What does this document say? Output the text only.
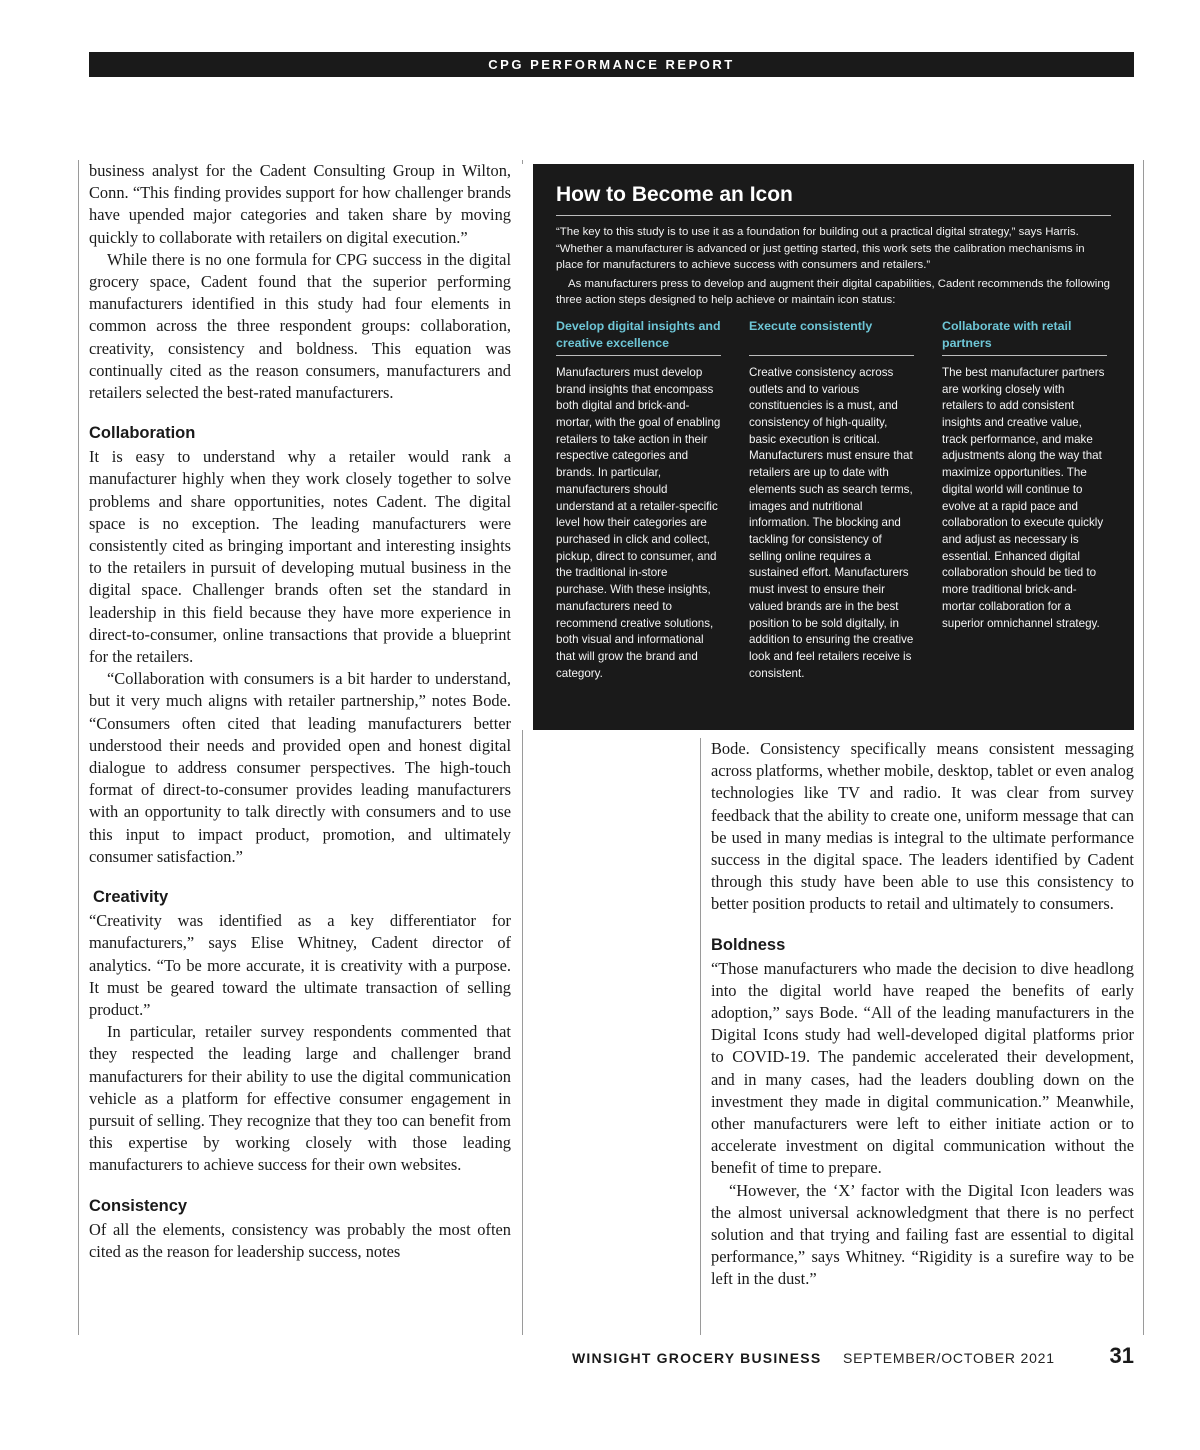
CPG PERFORMANCE REPORT

business analyst for the Cadent Consulting Group in Wilton, Conn. “This finding provides support for how challenger brands have upended major categories and taken share by moving quickly to collaborate with retailers on digital execution.”

While there is no one formula for CPG success in the digital grocery space, Cadent found that the superior performing manufacturers identified in this study had four elements in common across the three respondent groups: collaboration, creativity, consistency and boldness. This equation was continually cited as the reason consumers, manufacturers and retailers selected the best-rated manufacturers.

Collaboration

It is easy to understand why a retailer would rank a manufacturer highly when they work closely together to solve problems and share opportunities, notes Cadent. The digital space is no exception. The leading manufacturers were consistently cited as bringing important and interesting insights to the retailers in pursuit of developing mutual business in the digital space. Challenger brands often set the standard in leadership in this field because they have more experience in direct-to-consumer, online transactions that provide a blueprint for the retailers.

“Collaboration with consumers is a bit harder to understand, but it very much aligns with retailer partnership,” notes Bode. “Consumers often cited that leading manufacturers better understood their needs and provided open and honest digital dialogue to address consumer perspectives. The high-touch format of direct-to-consumer provides leading manufacturers with an opportunity to talk directly with consumers and to use this input to impact product, promotion, and ultimately consumer satisfaction.”

Creativity

“Creativity was identified as a key differentiator for manufacturers,” says Elise Whitney, Cadent director of analytics. “To be more accurate, it is creativity with a purpose. It must be geared toward the ultimate transaction of selling product.”

In particular, retailer survey respondents commented that they respected the leading large and challenger brand manufacturers for their ability to use the digital communication vehicle as a platform for effective consumer engagement in pursuit of selling. They recognize that they too can benefit from this expertise by working closely with those leading manufacturers to achieve success for their own websites.

Consistency

Of all the elements, consistency was probably the most often cited as the reason for leadership success, notes

How to Become an Icon

“The key to this study is to use it as a foundation for building out a practical digital strategy,” says Harris. “Whether a manufacturer is advanced or just getting started, this work sets the calibration mechanisms in place for manufacturers to achieve success with consumers and retailers.”

As manufacturers press to develop and augment their digital capabilities, Cadent recommends the following three action steps designed to help achieve or maintain icon status:

Develop digital insights and creative excellence
Manufacturers must develop brand insights that encompass both digital and brick-and-mortar, with the goal of enabling retailers to take action in their respective categories and brands. In particular, manufacturers should understand at a retailer-specific level how their categories are purchased in click and collect, pickup, direct to consumer, and the traditional in-store purchase. With these insights, manufacturers need to recommend creative solutions, both visual and informational that will grow the brand and category.
Execute consistently
Creative consistency across outlets and to various constituencies is a must, and consistency of high-quality, basic execution is critical. Manufacturers must ensure that retailers are up to date with elements such as search terms, images and nutritional information. The blocking and tackling for consistency of selling online requires a sustained effort. Manufacturers must invest to ensure their valued brands are in the best position to be sold digitally, in addition to ensuring the creative look and feel retailers receive is consistent.
Collaborate with retail partners
The best manufacturer partners are working closely with retailers to add consistent insights and creative value, track performance, and make adjustments along the way that maximize opportunities. The digital world will continue to evolve at a rapid pace and collaboration to execute quickly and adjust as necessary is essential. Enhanced digital collaboration should be tied to more traditional brick-and-mortar collaboration for a superior omnichannel strategy.

Bode. Consistency specifically means consistent messaging across platforms, whether mobile, desktop, tablet or even analog technologies like TV and radio. It was clear from survey feedback that the ability to create one, uniform message that can be used in many medias is integral to the ultimate performance success in the digital space. The leaders identified by Cadent through this study have been able to use this consistency to better position products to retail and ultimately to consumers.

Boldness

“Those manufacturers who made the decision to dive headlong into the digital world have reaped the benefits of early adoption,” says Bode. “All of the leading manufacturers in the Digital Icons study had well-developed digital platforms prior to COVID-19. The pandemic accelerated their development, and in many cases, had the leaders doubling down on the investment they made in digital communication.” Meanwhile, other manufacturers were left to either initiate action or to accelerate investment on digital communication without the benefit of time to prepare.

“However, the ‘X’ factor with the Digital Icon leaders was the almost universal acknowledgment that there is no perfect solution and that trying and failing fast are essential to digital performance,” says Whitney. “Rigidity is a surefire way to be left in the dust.”

WINSIGHT GROCERY BUSINESS SEPTEMBER/OCTOBER 2021 31
